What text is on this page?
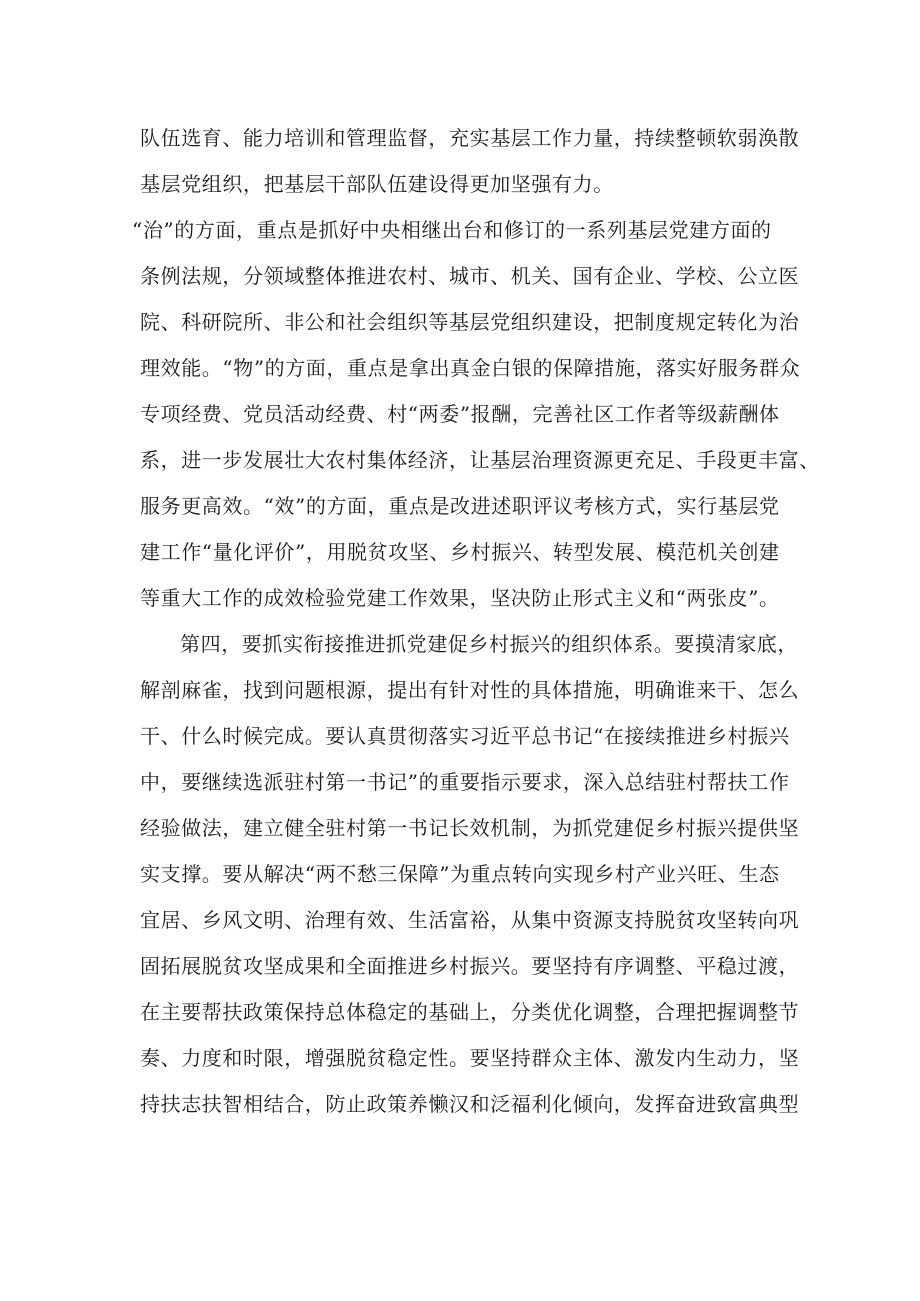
队伍选育、能力培训和管理监督，充实基层工作力量，持续整顿软弱涣散
基层党组织，把基层干部队伍建设得更加坚强有力。
“治”的方面，重点是抓好中央相继出台和修订的一系列基层党建方面的
条例法规，分领域整体推进农村、城市、机关、国有企业、学校、公立医
院、科研院所、非公和社会组织等基层党组织建设，把制度规定转化为治
理效能。“物”的方面，重点是拿出真金白银的保障措施，落实好服务群众
专项经费、党员活动经费、村“两委”报酬，完善社区工作者等级薪酬体
系，进一步发展壮大农村集体经济，让基层治理资源更充足、手段更丰富、
服务更高效。“效”的方面，重点是改进述职评议考核方式，实行基层党
建工作“量化评价”，用脱贫攻坚、乡村振兴、转型发展、模范机关创建
等重大工作的成效检验党建工作效果，坚决防止形式主义和“两张皮”。
第四，要抓实衔接推进抓党建促乡村振兴的组织体系。要摸清家底，
解剖麻雀，找到问题根源，提出有针对性的具体措施，明确谁来干、怎么
干、什么时候完成。要认真贯彻落实习近平总书记“在接续推进乡村振兴
中，要继续选派驻村第一书记”的重要指示要求，深入总结驻村帮扶工作
经验做法，建立健全驻村第一书记长效机制，为抓党建促乡村振兴提供坚
实支撑。要从解决“两不愁三保障”为重点转向实现乡村产业兴旺、生态
宜居、乡风文明、治理有效、生活富裕，从集中资源支持脱贫攻坚转向巩
固拓展脱贫攻坚成果和全面推进乡村振兴。要坚持有序调整、平稳过渡，
在主要帮扶政策保持总体稳定的基础上，分类优化调整，合理把握调整节
奏、力度和时限，增强脱贫稳定性。要坚持群众主体、激发内生动力，坚
持扶志扶智相结合，防止政策养懒汉和泛福利化倾向，发挥奋进致富典型
